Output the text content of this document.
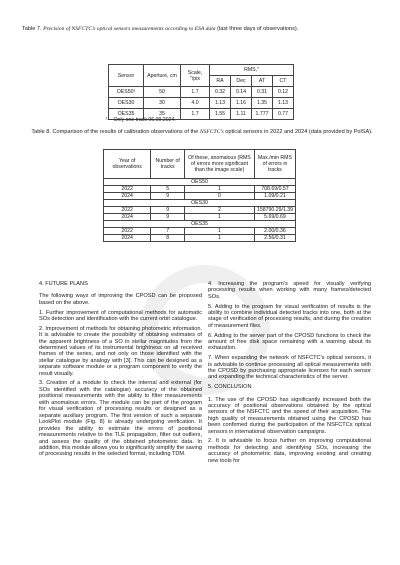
Table 7. Precision of NSFCTC’s optical sensors measurements according to ESA data (last three days of observations).
Sensor	Aperture, cm	Scale, ″/pix	RMS,″			
			RA	Dec	AT	CT
OES50¹	50	1.7	0.32	0.14	0.31	0.12
OES30	30	4.0	1.13	1.16	1.35	1.13
OES35	35	1.7	1.55	1.11	1.777	0.77
¹ – Only one track 06.09.2024.
Table 8. Comparison of the results of calibration observations of the NSFCTC’s optical sensors in 2022 and 2024 (data provided by PolSA).
Year of observations	Number of tracks	Of these, anomalous (RMS of errors more significant than the image scale)	Max./min RMS of errors in tracks
OES50			
2022	5	1	708.69/0.57
2024	9	0	1.09/0.21
OES30			
2022	9	2	158790.29/1.39
2024	9	1	5.69/0.69
OES35			
2022	7	1	2.00/0.36
2024	8	1	2.56/0.31

4. FUTURE PLANS

The following ways of improving the CPOSD can be proposed based on the above.

1. Further improvement of computational methods for automatic SOs detection and identification with the current orbit catalogue.

2. Improvement of methods for obtaining photometric information. It is advisable to create the possibility of obtaining estimates of the apparent brightness of a SO in stellar magnitudes from the determined values of its instrumental brightness on all received frames of the series, and not only on those identified with the stellar catalogue by analogy with [3]. This can be designed as a separate software module or a program component to verify the result visually.

3. Creation of a module to check the internal and external (for SOs identified with the catalogue) accuracy of the obtained positional measurements with the ability to filter measurements with anomalous errors. The module can be part of the program for visual verification of processing results or designed as a separate auxiliary program. The first version of such a separate LookPlot module (Fig. 8) is already undergoing verification. It provides the ability to estimate the errors of positional measurements relative to the TLE propagation, filter out outliers, and assess the quality of the obtained photometric data. In addition, this module allows you to significantly simplify the saving of processing results in the selected format, including TDM.

4. Increasing the program’s speed for visually verifying processing results when working with many frames/detected SOs.

5. Adding to the program for visual verification of results is the ability to combine individual detected tracks into one, both at the stage of verification of processing results, and during the creation of measurement files.

6. Adding to the server part of the CPOSD functions to check the amount of free disk space remaining with a warning about its exhaustion.

7. When expanding the network of NSFCTC’s optical sensors, it is advisable to continue processing all optical measurements with the CPOSD by purchasing appropriate licenses for each sensor and expanding the technical characteristics of the server.

5. CONCLUSION

1. The use of the CPOSD has significantly increased both the accuracy of positional observations obtained by the optical sensors of the NSFCTC and the speed of their acquisition. The high quality of measurements obtained using the CPOSD has been confirmed during the participation of the NSFCTCs optical sensors in international observation campaigns.

2. It is advisable to focus further on improving computational methods for detecting and identifying SOs, increasing the accuracy of photometric data, improving existing and creating new tools for
